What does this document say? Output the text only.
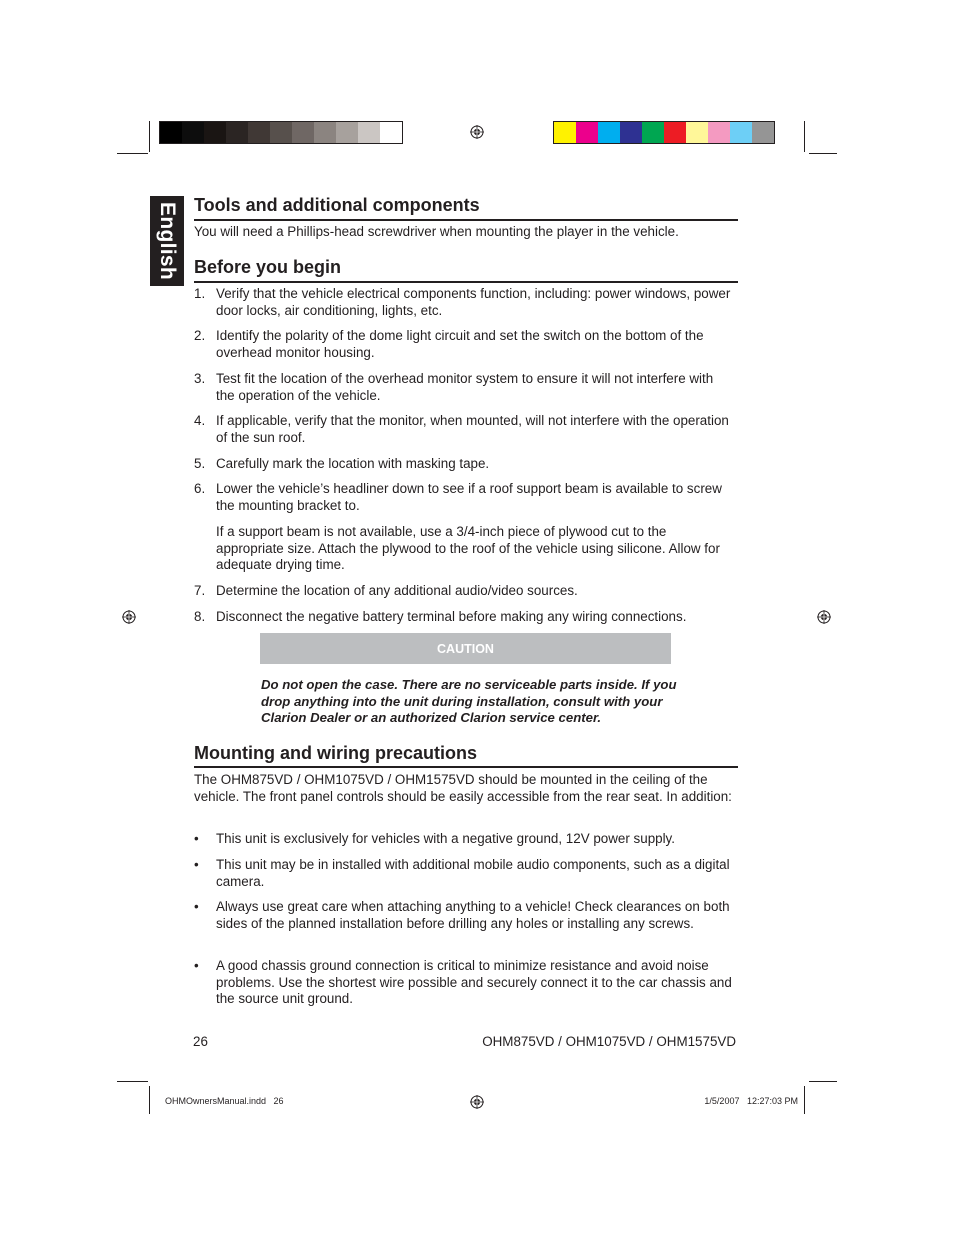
English Tools and additional components

You will need a Phillips-head screwdriver when mounting the player in the vehicle.

Before you begin
1. Verify that the vehicle electrical components function, including: power windows, power door locks, air conditioning, lights, etc.
2. Identify the polarity of the dome light circuit and set the switch on the bottom of the overhead monitor housing.
3. Test fit the location of the overhead monitor system to ensure it will not interfere with the operation of the vehicle.
4. If applicable, verify that the monitor, when mounted, will not interfere with the operation of the sun roof.
5. Carefully mark the location with masking tape.
6. Lower the vehicle’s headliner down to see if a roof support beam is available to screw the mounting bracket to.
If a support beam is not available, use a 3/4-inch piece of plywood cut to the appropriate size. Attach the plywood to the roof of the vehicle using silicone. Allow for adequate drying time.
7. Determine the location of any additional audio/video sources.
8. Disconnect the negative battery terminal before making any wiring connections.
CAUTION

Do not open the case. There are no serviceable parts inside. If you drop anything into the unit during installation, consult with your Clarion Dealer or an authorized Clarion service center.

Mounting and wiring precautions

The OHM875VD / OHM1075VD / OHM1575VD should be mounted in the ceiling of the vehicle. The front panel controls should be easily accessible from the rear seat. In addition:

•	This unit is exclusively for vehicles with a negative ground, 12V power supply.
•	This unit may be in installed with additional mobile audio components, such as a digital camera.
•	Always use great care when attaching anything to a vehicle! Check clearances on both sides of the planned installation before drilling any holes or installing any screws.
•	A good chassis ground connection is critical to minimize resistance and avoid noise problems. Use the shortest wire possible and securely connect it to the car chassis and the source unit ground.
26	OHM875VD / OHM1075VD / OHM1575VD
OHMOwnersManual.indd   26	1/5/2007   12:27:03 PM
